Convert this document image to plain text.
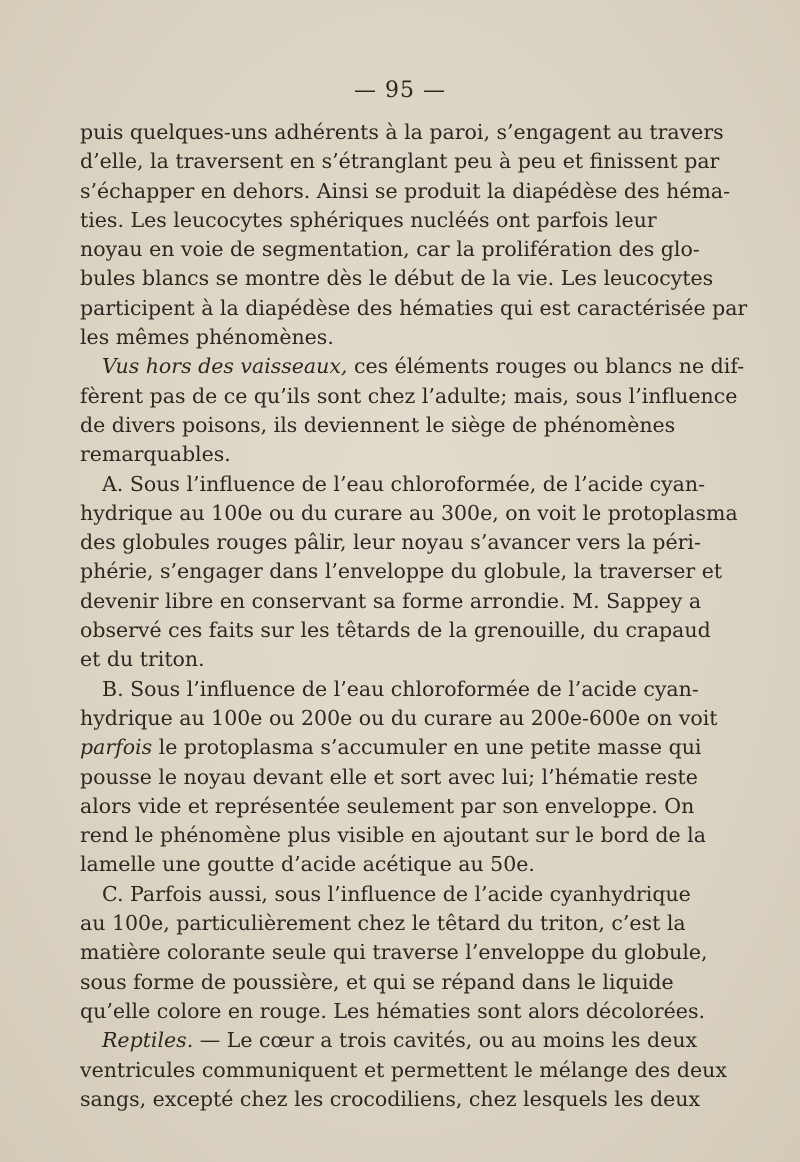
— 95 —

puis quelques-uns adhérents à la paroi, s’engagent au travers
d’elle, la traversent en s’étranglant peu à peu et finissent par
s’échapper en dehors. Ainsi se produit la diapédèse des héma-
ties. Les leucocytes sphériques nucléés ont parfois leur
noyau en voie de segmentation, car la prolifération des glo-
bules blancs se montre dès le début de la vie. Les leucocytes
participent à la diapédèse des hématies qui est caractérisée par
les mêmes phénomènes.

Vus hors des vaisseaux, ces éléments rouges ou blancs ne dif-
fèrent pas de ce qu’ils sont chez l’adulte; mais, sous l’influence
de divers poisons, ils deviennent le siège de phénomènes
remarquables.

A. Sous l’influence de l’eau chloroformée, de l’acide cyan-
hydrique au 100e ou du curare au 300e, on voit le protoplasma
des globules rouges pâlir, leur noyau s’avancer vers la péri-
phérie, s’engager dans l’enveloppe du globule, la traverser et
devenir libre en conservant sa forme arrondie. M. Sappey a
observé ces faits sur les têtards de la grenouille, du crapaud
et du triton.

B. Sous l’influence de l’eau chloroformée de l’acide cyan-
hydrique au 100e ou 200e ou du curare au 200e-600e on voit
parfois le protoplasma s’accumuler en une petite masse qui
pousse le noyau devant elle et sort avec lui; l’hématie reste
alors vide et représentée seulement par son enveloppe. On
rend le phénomène plus visible en ajoutant sur le bord de la
lamelle une goutte d’acide acétique au 50e.

C. Parfois aussi, sous l’influence de l’acide cyanhydrique
au 100e, particulièrement chez le têtard du triton, c’est la
matière colorante seule qui traverse l’enveloppe du globule,
sous forme de poussière, et qui se répand dans le liquide
qu’elle colore en rouge. Les hématies sont alors décolorées.

Reptiles. — Le cœur a trois cavités, ou au moins les deux
ventricules communiquent et permettent le mélange des deux
sangs, excepté chez les crocodiliens, chez lesquels les deux
